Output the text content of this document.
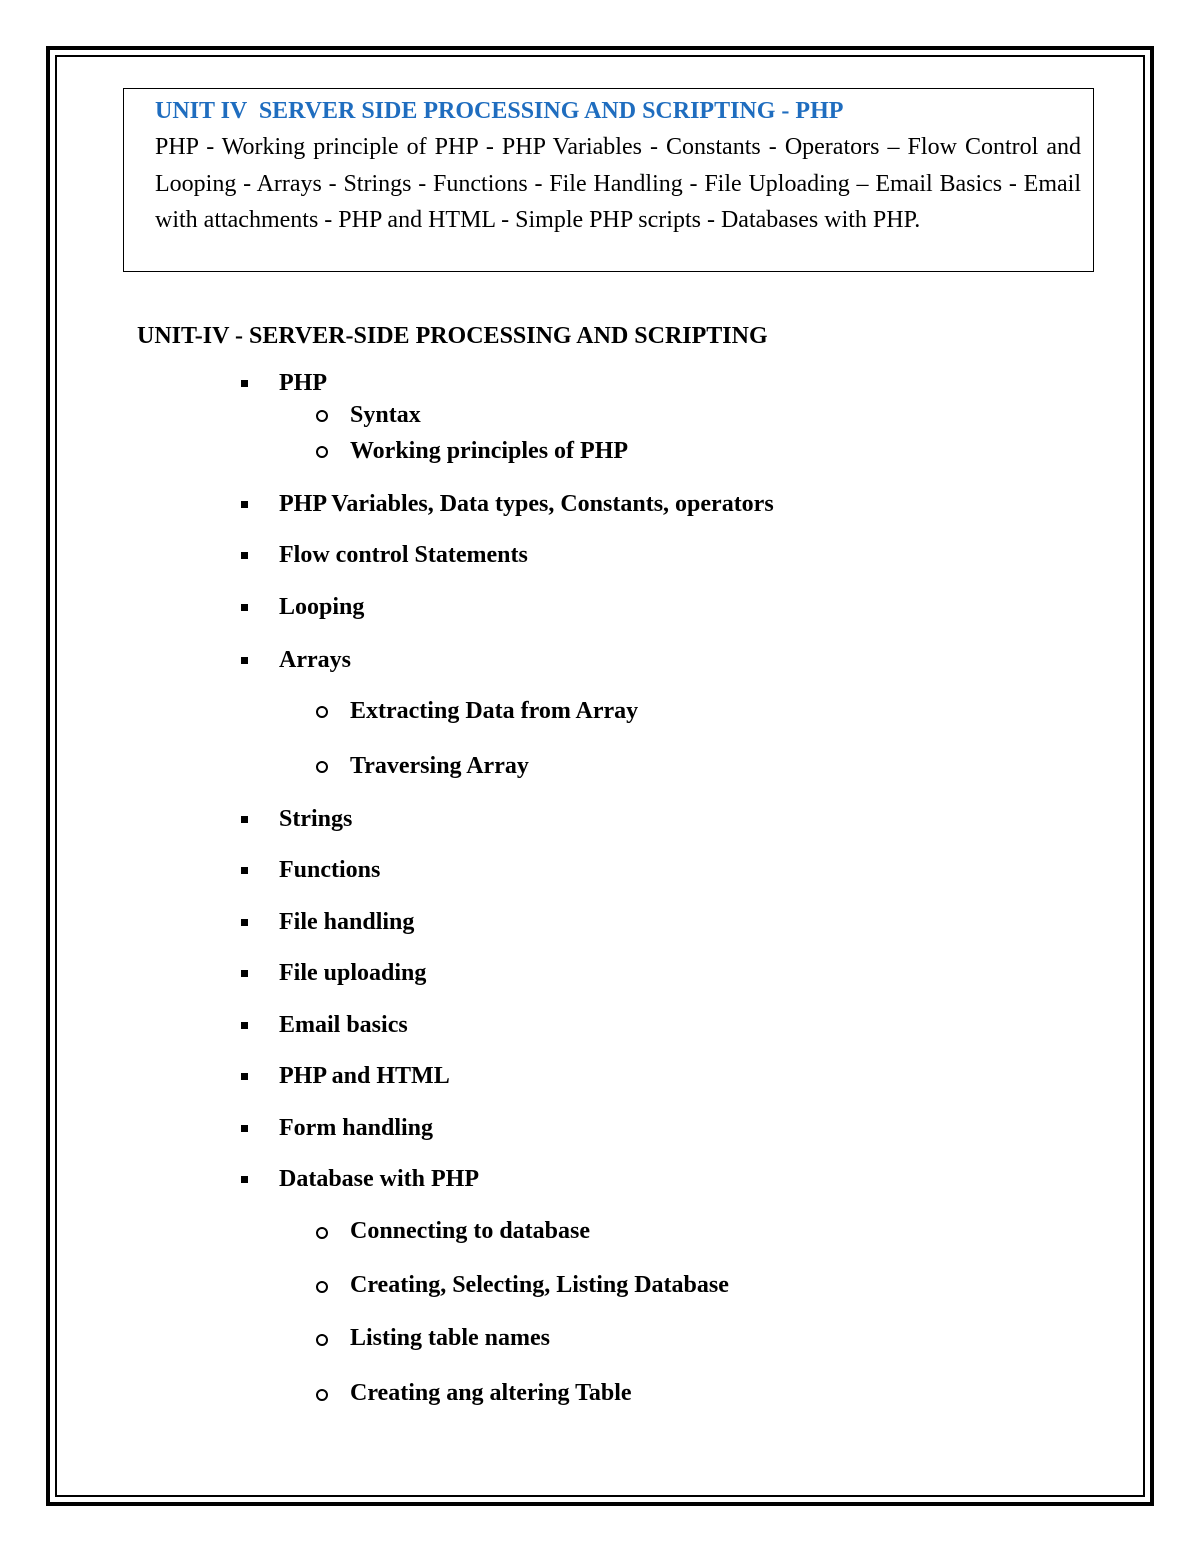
UNIT IV  SERVER SIDE PROCESSING AND SCRIPTING - PHP
PHP - Working principle of PHP - PHP Variables - Constants - Operators – Flow Control and Looping - Arrays - Strings - Functions - File Handling - File Uploading – Email Basics - Email with attachments - PHP and HTML - Simple PHP scripts - Databases with PHP.
UNIT-IV - SERVER-SIDE PROCESSING AND SCRIPTING
PHP
Syntax
Working principles of PHP
PHP Variables, Data types, Constants, operators
Flow control Statements
Looping
Arrays
Extracting Data from Array
Traversing Array
Strings
Functions
File handling
File uploading
Email basics
PHP and HTML
Form handling
Database with PHP
Connecting to database
Creating, Selecting, Listing Database
Listing table names
Creating ang altering Table
